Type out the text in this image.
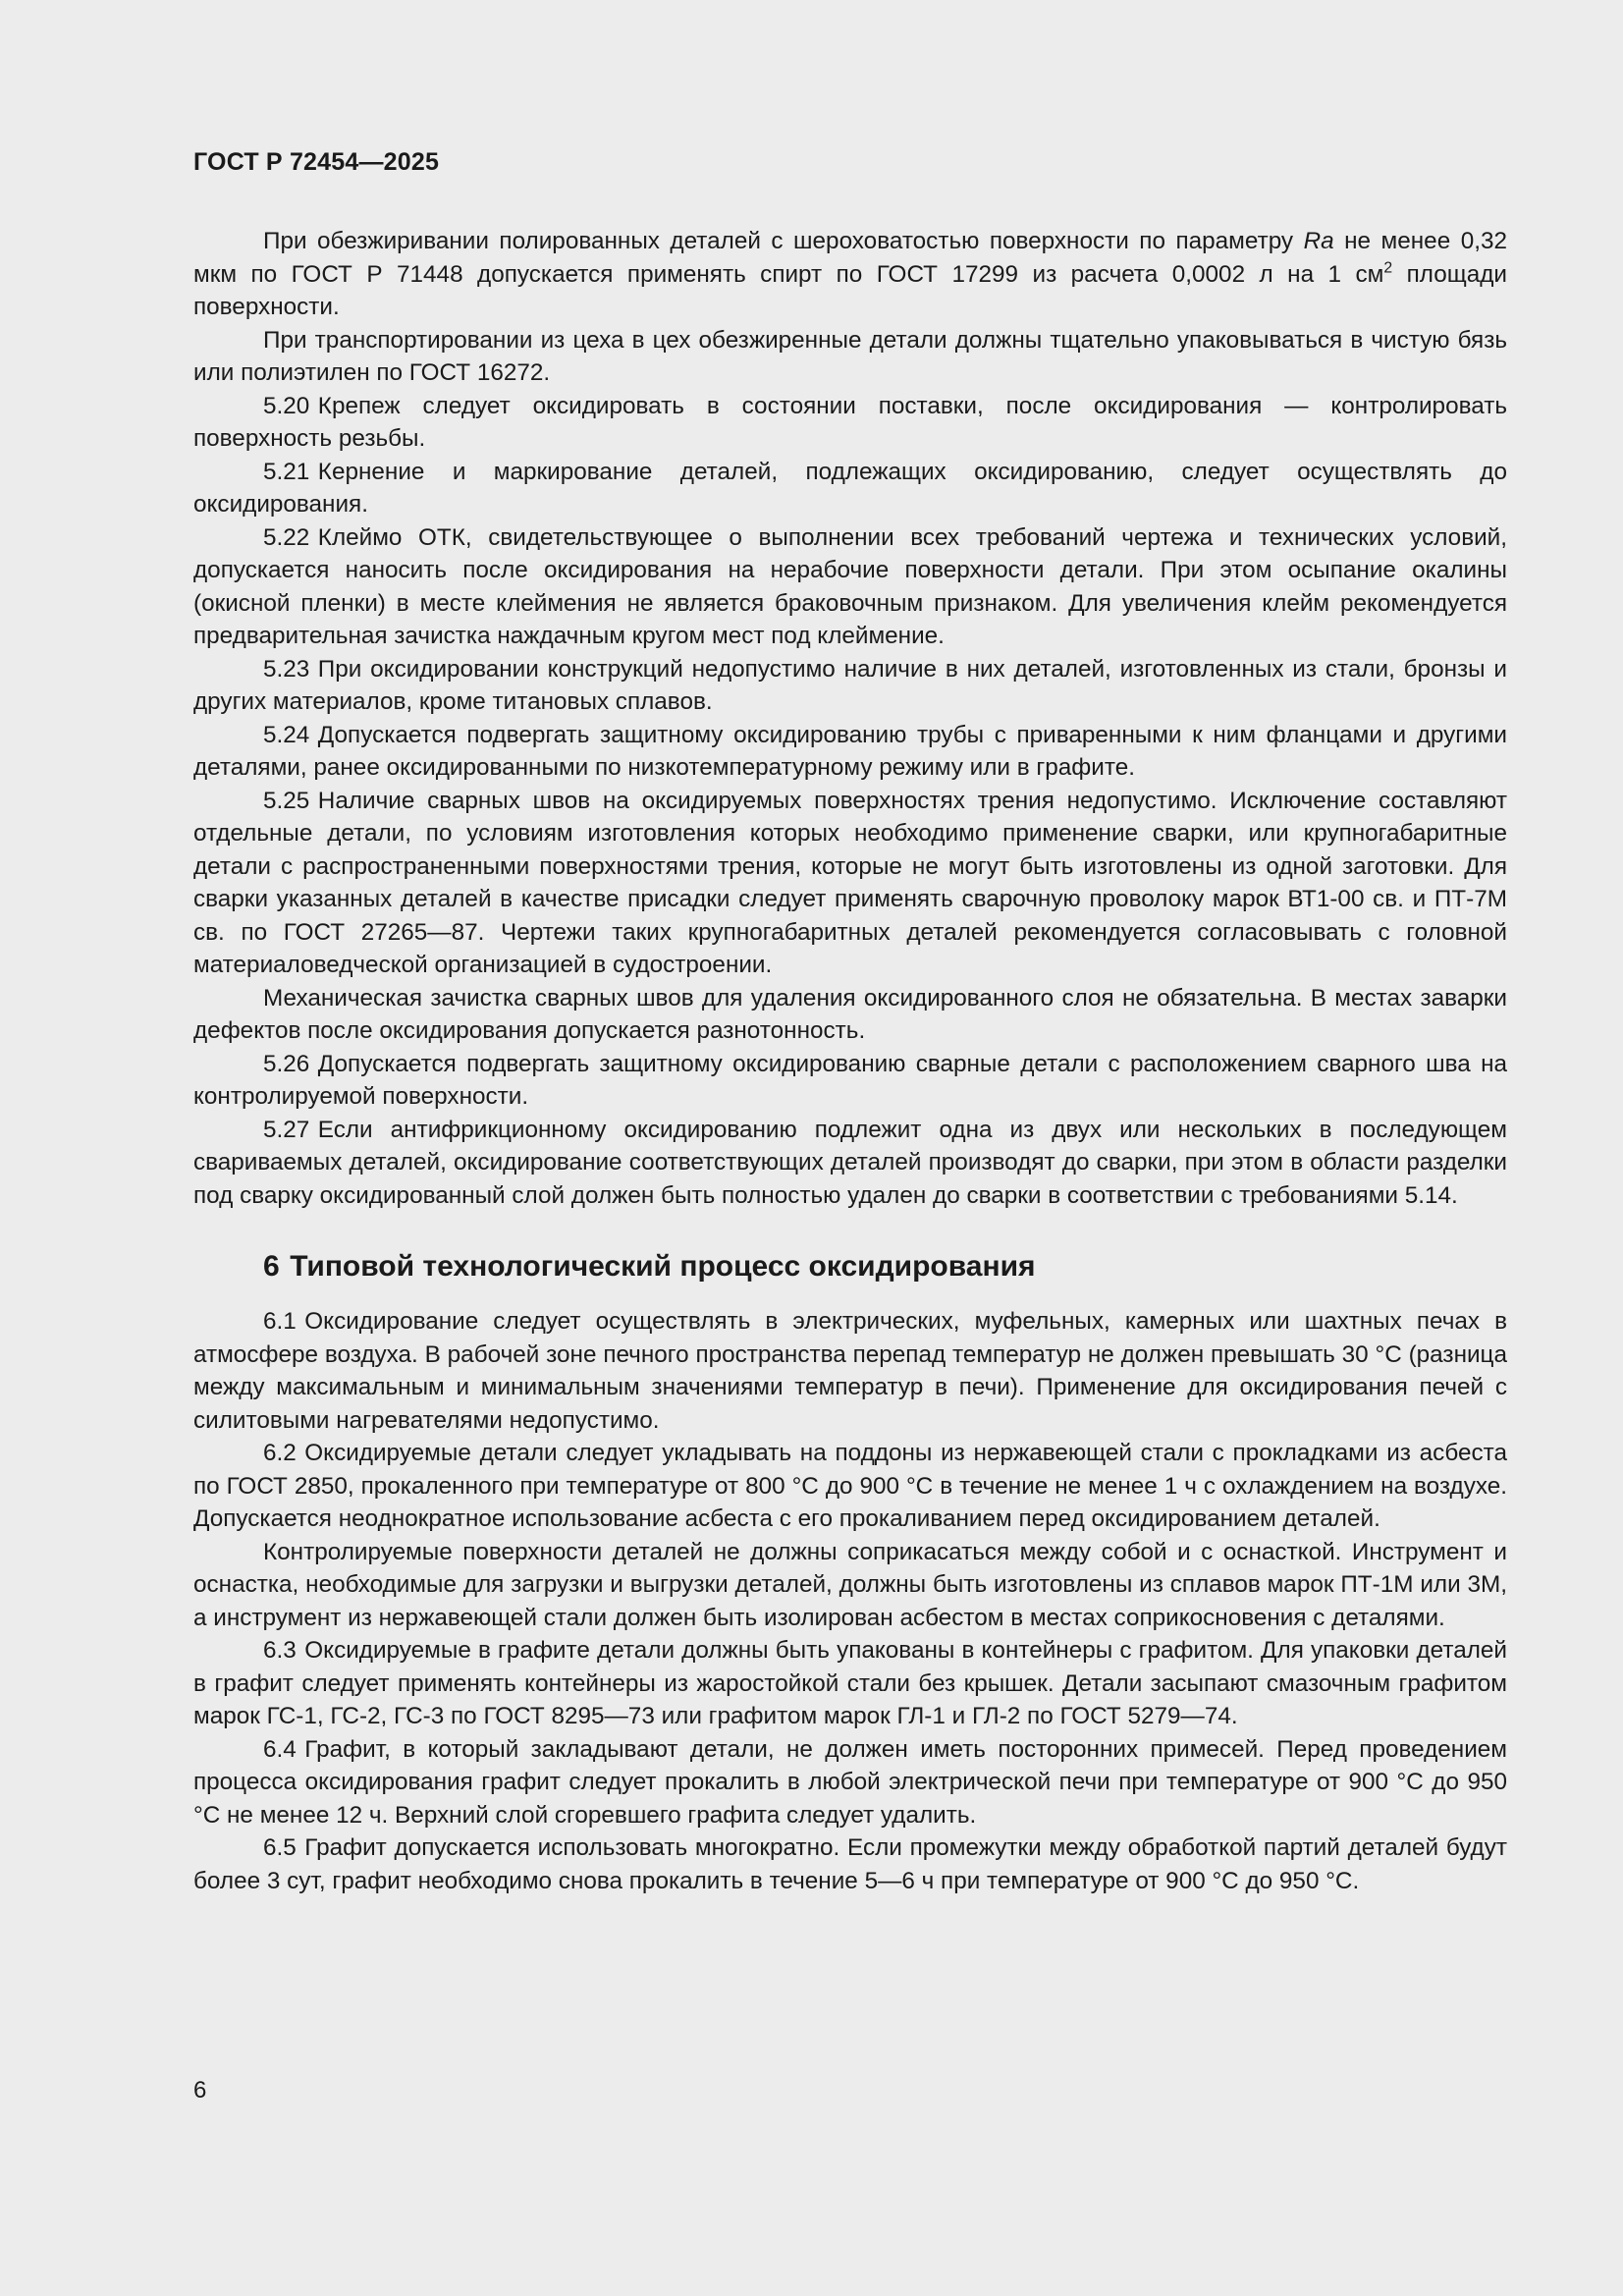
ГОСТ Р 72454—2025

При обезжиривании полированных деталей с шероховатостью поверхности по параметру Ra не менее 0,32 мкм по ГОСТ Р 71448 допускается применять спирт по ГОСТ 17299 из расчета 0,0002 л на 1 $см^2$ площади поверхности.

При транспортировании из цеха в цех обезжиренные детали должны тщательно упаковываться в чистую бязь или полиэтилен по ГОСТ 16272.

5.20 Крепеж следует оксидировать в состоянии поставки, после оксидирования — контролировать поверхность резьбы.

5.21 Кернение и маркирование деталей, подлежащих оксидированию, следует осуществлять до оксидирования.

5.22 Клеймо ОТК, свидетельствующее о выполнении всех требований чертежа и технических условий, допускается наносить после оксидирования на нерабочие поверхности детали. При этом осыпание окалины (окисной пленки) в месте клеймения не является браковочным признаком. Для увеличения клейм рекомендуется предварительная зачистка наждачным кругом мест под клеймение.

5.23 При оксидировании конструкций недопустимо наличие в них деталей, изготовленных из стали, бронзы и других материалов, кроме титановых сплавов.

5.24 Допускается подвергать защитному оксидированию трубы с приваренными к ним фланцами и другими деталями, ранее оксидированными по низкотемпературному режиму или в графите.

5.25 Наличие сварных швов на оксидируемых поверхностях трения недопустимо. Исключение составляют отдельные детали, по условиям изготовления которых необходимо применение сварки, или крупногабаритные детали с распространенными поверхностями трения, которые не могут быть изготовлены из одной заготовки. Для сварки указанных деталей в качестве присадки следует применять сварочную проволоку марок ВТ1-00 св. и ПТ-7М св. по ГОСТ 27265—87. Чертежи таких крупногабаритных деталей рекомендуется согласовывать с головной материаловедческой организацией в судостроении.

Механическая зачистка сварных швов для удаления оксидированного слоя не обязательна. В местах заварки дефектов после оксидирования допускается разнотонность.

5.26 Допускается подвергать защитному оксидированию сварные детали с расположением сварного шва на контролируемой поверхности.

5.27 Если антифрикционному оксидированию подлежит одна из двух или нескольких в последующем свариваемых деталей, оксидирование соответствующих деталей производят до сварки, при этом в области разделки под сварку оксидированный слой должен быть полностью удален до сварки в соответствии с требованиями 5.14.

6 Типовой технологический процесс оксидирования

6.1 Оксидирование следует осуществлять в электрических, муфельных, камерных или шахтных печах в атмосфере воздуха. В рабочей зоне печного пространства перепад температур не должен превышать 30 °С (разница между максимальным и минимальным значениями температур в печи). Применение для оксидирования печей с силитовыми нагревателями недопустимо.

6.2 Оксидируемые детали следует укладывать на поддоны из нержавеющей стали с прокладками из асбеста по ГОСТ 2850, прокаленного при температуре от 800 °С до 900 °С в течение не менее 1 ч с охлаждением на воздухе. Допускается неоднократное использование асбеста с его прокаливанием перед оксидированием деталей.

Контролируемые поверхности деталей не должны соприкасаться между собой и с оснасткой. Инструмент и оснастка, необходимые для загрузки и выгрузки деталей, должны быть изготовлены из сплавов марок ПТ-1М или 3М, а инструмент из нержавеющей стали должен быть изолирован асбестом в местах соприкосновения с деталями.

6.3 Оксидируемые в графите детали должны быть упакованы в контейнеры с графитом. Для упаковки деталей в графит следует применять контейнеры из жаростойкой стали без крышек. Детали засыпают смазочным графитом марок ГС-1, ГС-2, ГС-3 по ГОСТ 8295—73 или графитом марок ГЛ-1 и ГЛ-2 по ГОСТ 5279—74.

6.4 Графит, в который закладывают детали, не должен иметь посторонних примесей. Перед проведением процесса оксидирования графит следует прокалить в любой электрической печи при температуре от 900 °С до 950 °С не менее 12 ч. Верхний слой сгоревшего графита следует удалить.

6.5 Графит допускается использовать многократно. Если промежутки между обработкой партий деталей будут более 3 сут, графит необходимо снова прокалить в течение 5—6 ч при температуре от 900 °С до 950 °С.

6
